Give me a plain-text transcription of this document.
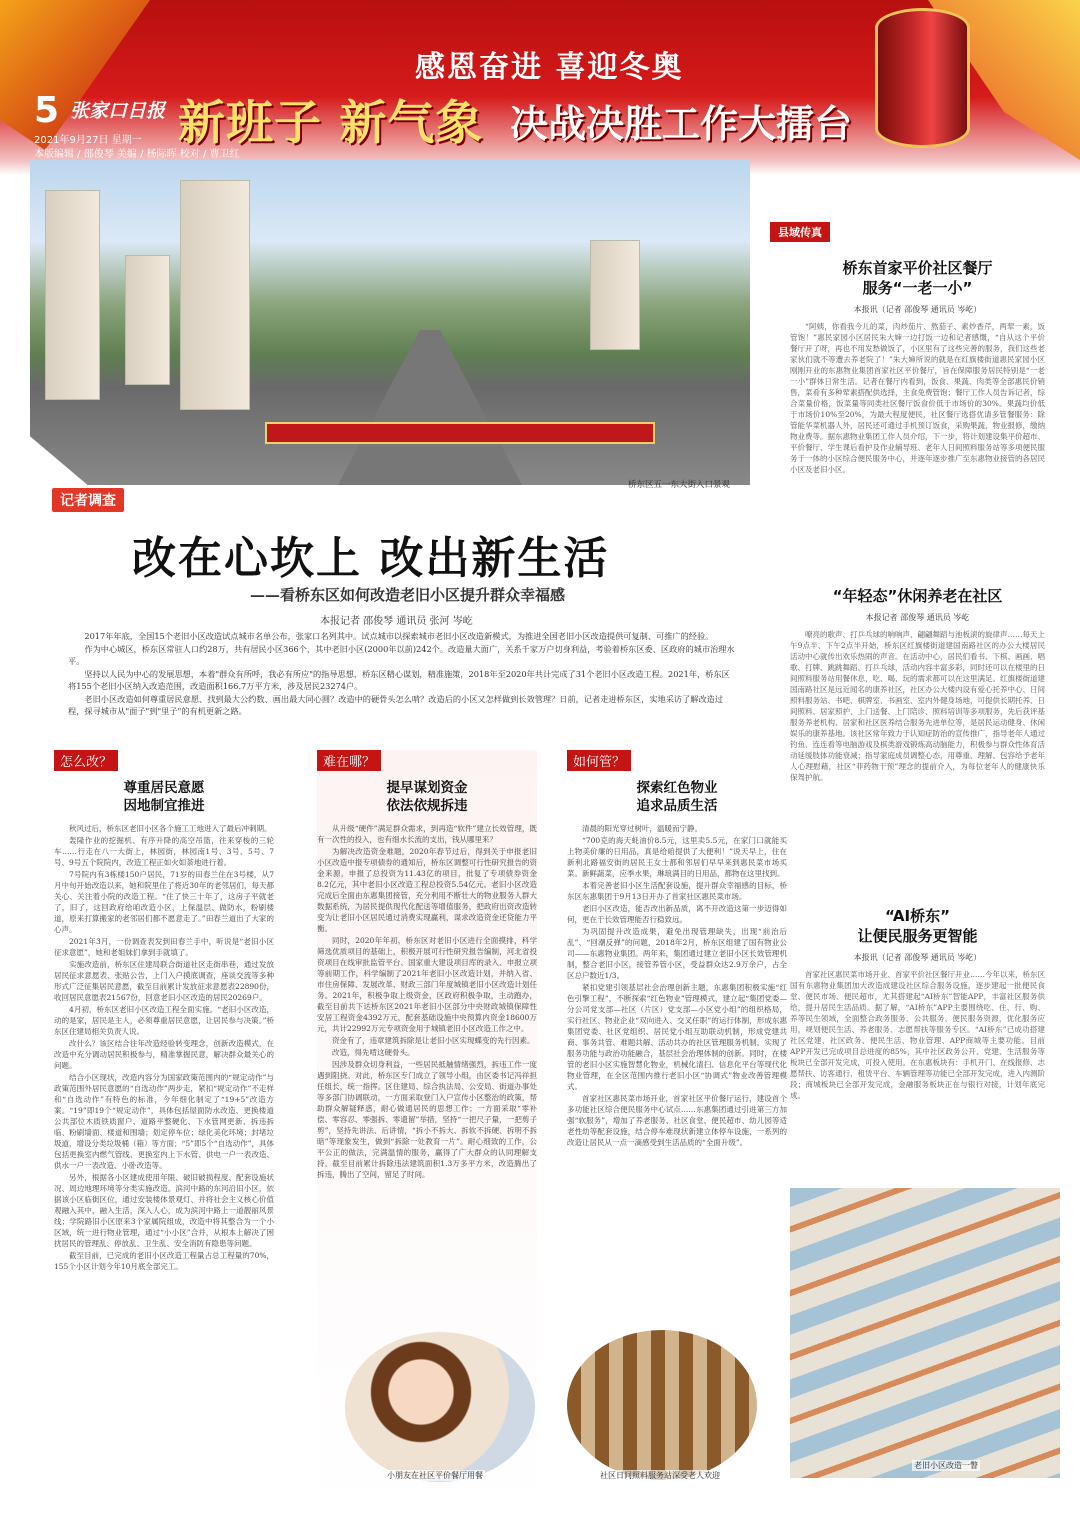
感恩奋进 喜迎冬奥
5 张家口日报 新班子 新气象 决战决胜工作大擂台
2021年9月27日 星期一
本版编辑 / 邵俊琴 美编 / 杨际晖 校对 / 曹卫红
桥东区五一东大街入口景观
县域传真
记者调查
改在心坎上 改出新生活
——看桥东区如何改造老旧小区提升群众幸福感
本报记者 邵俊琴 通讯员 张河 岑屹

2017年年底，全国15个老旧小区改造试点城市名单公布，张家口名列其中。试点城市以探索城市老旧小区改造新模式，为推进全国老旧小区改造提供可复制、可推广的经验。

作为中心城区，桥东区常驻人口约28万，共有居民小区366个，其中老旧小区(2000年以前)242个。改造量大面广，关系千家万户切身利益，考验着桥东区委、区政府的城市治理水平。

坚持以人民为中心的发展思想，本着"群众有所呼，我必有所应"的指导思想，桥东区精心谋划，精准施策，2018年至2020年共计完成了31个老旧小区改造工程。2021年，桥东区将155个老旧小区纳入改造范围，改造面积166.7万平方米，涉及居民23274户。

老旧小区改造如何尊重居民意愿、找到最大公约数、画出最大同心圆？改造中的硬骨头怎么啃？改造后的小区又怎样做到长效管理？日前，记者走进桥东区，实地采访了解改造过程，探寻城市从"面子"到"里子"的有机更新之路。

怎么改？
尊重居民意愿
因地制宜推进

秋风过后，桥东区老旧小区各个施工工地进入了最后冲刺期。

轰隆作业的挖掘机、有序升降的高空吊篮，往来穿梭的三轮车……行走在八一大街上，林园街，林园南1号、3号、5号、7号、9号五个院院内，改造工程正如火如荼地进行着。

7号院内有3栋楼150户居民，71岁的田春兰住在3号楼，从7月中旬开始改造以来，她和院里住了将近30年的老邻居们，每天都关心、关注着小院的改造工程。“住了快三十年了，这房子平就老了，旧了，这回政府给咱改造小区，上保温层、做防水，粉刷楼道，原来打算搬家的老邻居们都不愿意走了。”田春兰道出了大家的心声。

2021年3月，一份调查表发到田春兰手中，听说是“老旧小区征求意愿”，她和老姐妹们拿到手就填了。

实施改造前，桥东区住建局联合街道社区走街串巷，通过发放居民征求意愿表、张贴公告，上门入户摸底调查，座谈交流等多种形式广泛征集居民意愿，截至目前累计发放征求意愿表22890份，收回居民意愿表21567份，回意老旧小区改造的居民20269户。

4月初，桥东区老旧小区改造工程全面实施。“老旧小区改造，动的是家，居民是主人，必须尊重居民意愿，让居民参与决策。”桥东区住建局相关负责人说。

改什么？该区结合往年改造经验转变理念，创新改造模式，在改造中充分调动居民积极参与，精准掌握民意，解决群众最关心的问题。

结合小区现状，改造内容分为国家政策范围内的“规定动作”与政策范围外居民意愿的“自选动作”两步走，紧扣“规定动作”不走样和“自选动作”有特色的标准，今年细化制定了“19+5”改造方案。“19”即19个“规定动作”，具体包括屋面防水改造、更换楼道公共部位木质铁质窗户、道路平整硬化、下水管网更新、拆违拆临、粉刷墙面、楼道和围墙；划定停车位；绿化美化环境；封堵垃圾道，增设分类垃圾桶（箱）等方面；“5”即5个“自选动作”，具体包括更换室内燃气管线、更换室内上下水管、供电一户一表改造、供水一户一表改造、小卧改造等。

另外，根据各小区建成使用年限、破旧破损程度、配套设施状况、周边地理环境等分类实施改造。滨河中路的东河沿旧小区，依据该小区临街区位，通过安装楼体景观灯、并将社会主义核心价值观融入其中，融入生活，深入人心，成为滨河中路上一道靓丽风景线；学院路旧小区原来3个家属院组成，改造中将其整合为一个小区域，统一进行物业管理，通过“小小区”合并，从根本上解决了困扰居民的管理乱、停放乱、卫生乱、安全消防有隐患等问题。

截至目前，已完成的老旧小区改造工程量占总工程量的70%，155个小区计划今年10月底全部完工。

难在哪？
提早谋划资金
依法依规拆违

从升级“硬件”满足群众需求，到再造“软件”建立长效管理，既有一次性的投入，也有细水长流的支出，钱从哪里来？

为解决改造资金难题，2020年春节过后，得到关于申报老旧小区改造中报专项债券的通知后，桥东区调整可行性研究报告的资金来源，申报了总投资为11.43亿的项目，批复了专项债券资金8.2亿元，其中老旧小区改造工程总投资5.54亿元。老旧小区改造完成后全面由东惠集团接管，充分利用不断壮大的物业服务人群大数据系统，为居民提供现代化配送等增值服务，把政府出资改造转变为让老旧小区居民通过消费实现赢利，谋求改造资金还贷能力平衡。

同时，2020年年初，桥东区对老旧小区进行全面摸排，科学筛选优质项目的基础上，积极开展可行性研究报告编制，河北省投资项目在线审批监管平台、国家重大建设项目库的录入、申报立项等前期工作，科学编制了2021年老旧小区改造计划，并纳入省、市住房保障、发展改革、财政三部门年度城镇老旧小区改造计划任务。2021年，积极争取上级资金，区政府积极争取，主动跑办，截至目前共下达桥东区2021年老旧小区部分中央财政城镇保障性安居工程资金4392万元，配套基础设施中央预算内资金18600万元，共计22992万元专项资金用于城镇老旧小区改造工作之中。

资金有了，违章建筑拆除是让老旧小区实现蝶变的先行因素。

改造，得先啃这硬骨头。

因涉及群众切身利益，一些居民抵触情绪强烈，拆违工作一度遇到阻挠。对此，桥东区专门成立了领导小组，由区委书记冯祥担任组长，统一指挥。区住建局、综合执法局、公安局、街道办事处等多部门协调联动，一方面采取登门入户宣传小区整治的政策，帮助群众解疑释惑，耐心做通居民的思想工作；一方面采取“零补偿、零容忍、零强拆、零遗留”举措，坚持“一把尺子量，一把剪子剪”，坚持先讲法、后讲情，“拆小不拆大、拆软不拆硬、拆明不拆暗”等现象发生，做到“拆除一处教育一片”。耐心细致的工作，公平公正的做法，完满温情的服务，赢得了广大群众的认同理解支持。截至目前累计拆除违法建筑面积1.3万多平方米，改造腾出了拆违，腾出了空间，留足了时间。

如何管？
探索红色物业
追求品质生活

清晨的阳光穿过树叶，温暖而宁静。

“700克的海天蚝油价8.5元，这里卖5.5元，在家门口就能买上物美价廉的日用品，真是给咱提供了大便利！”说天早上，住在新利北路福安街的居民王女士都和邻居们早早来到惠民菜市场买菜。新鲜蔬菜，应季水果，琳琅满目的日用品，都物在这里找到。

本着完善老旧小区生活配套设施，提升群众幸福感的目标，桥东区东惠集团于9月13日开办了首家社区惠民菜市场。

老旧小区改造，能否改出新品质，离不开改造这第一步迈得如何，更在于长效管理能否行稳致远。

为巩固提升改造成果，避免出现管理缺失，出现“前治后乱”、“回潮反弹”的问题，2018年2月，桥东区组建了国有物业公司——东惠物业集团。两年来，集团通过建立老旧小区长效管理机制，整合老旧小区，接管养管小区，受益群众达2.9万余户，占全区总户数近1/3。

紧扣党建引领基层社会治理创新主题，东惠集团积极实施“红色引擎工程”，不断探索“红色物业”管理模式，建立起“集团党委—分公司党支部—社区（片区）党支部—小区党小组”的组织格局，实行社区、物业企业“双向进入、交叉任职”的运行体制，形成东惠集团党委、社区党组织、居民党小组互助联动机制，形成党建共商、事务共管、难题共解、活动共办的社区管理服务机制，实现了服务功能与政治功能融合，基层社会治理体制的创新。同时，在楼管的老旧小区实施智慧化物业，机械化清扫、信息化平台等现代化物业管理，在全区范围内推行老旧小区“协调式”物业改善管理模式。

首家社区惠民菜市场开业，首家社区平价餐厅运行，建设首个多功能社区综合便民服务中心试点……东惠集团通过引进第三方加强“软服务”，增加了养老服务、社区食堂、便民超市、幼儿园等适老性幼等配套设施，结合停车难现状新建立体停车设施，一系列的改造让居民从一点一滴感受到生活品质的“全面升级”。

桥东首家平价社区餐厅
服务“一老一小”
本报讯（记者 邵俊琴 通讯员 岑屹）
“阿姨，你看我今儿的菜，肉炒茄片、熬茄子、素炒香芹，两荤一素，饭管饱！”惠民家园小区居民朱大婶一边打饭一边和记者感慨，“自从这个平价餐厅开了呀，再也不用发愁做饭了，小区里有了这些完善的服务，我们这些老家伙们就不等遭去养老院了！”朱大婶所说的就是在红旗楼街道惠民家园小区刚刚开业的东惠物业集团首家社区平价餐厅，旨在保障服务居民特别是“一老一小”群体日常生活。记者在餐厅内看到，饭食、果蔬、肉类等全部惠民价销售，菜肴有多种荤素搭配供选择，主食免费管饱；餐厅工作人员告诉记者，综合菜量价格，饭菜量等同类社区餐厅饭食价低于市场价的30%。果蔬均价低于市场价10%至20%，为最大程度便民，社区餐厅选搭优请多管餐服务：除管能华菜机器人外，居民还可通过手机预订饭食，采购果蔬，物业报修，缴纳物业费等。据东惠物业集团工作人员介绍，下一步，将计划建设集平价超市、平价餐厅、学生课后看护及作业辅导班、老年人日间照料服务站等多项便民服务于一体的小区综合便民服务中心，并逐年逐步推广至东惠物业接管的各居民小区及老旧小区。
“年轻态”休闲养老在社区
本报记者 邵俊琴 通讯员 岑屹
嘹亮的歌声、打乒乓球的响响声、翩翩舞蹈与池板滚的旋律声……每天上午9点半、下午2点半开始，桥东区红旗楼街道建国南路社区的办公大楼居民活动中心就传出欢乐热闹的声音。在活动中心，居民们看书、下棋、画画、唱歌、打牌、跳跳舞蹈、打乒乓球，活动内容丰富多彩，同时还可以在楼里的日间照料服务站用餐休息，吃、喝、玩的需求都可以在这里满足。红旗楼街道建国南路社区是远近闻名的康养社区，社区办公大楼内设有爱心托养中心、日间照料服务站、书吧、棋牌室、书画室、室内外健身场地，可提供长期托养、日间照料、居家照护、上门送餐、上门陪诊、照料培训等多项服务，先后获评基服务养老机构、居家和社区医养结合服务先进单位等，是居民运动健身、休闲娱乐的康养基地。该社区常年致力于认知症防治的宣传推广，指导老年人通过钓鱼、连连看等电脑游戏及棋类游戏锻炼高动脑能力，积极参与群众性体育活动延缓肢体功能衰减；指导家庭成员调整心态，用尊重、理解、包容给予老年人心理慰藉，社区“菲药物干预”理念的提前介入，为每位老年人的健康快乐保驾护航。
“AI桥东”
让便民服务更智能
本报讯（记者 邵俊琴 通讯员 岑屹）
首家社区惠民菜市场开业、首家平价社区餐厅开业……今年以来，桥东区国有东惠物业集团加大改造成建设社区综合服务设施，逐步建起一批便民食堂、便民市场、便民超市，尤其搭建起“AI桥东”智能APP，丰富社区服务供给，提升居民生活品质。据了解，“AI桥东”APP主要围绕吃、住、行、购、养等民生领域，全面整合政务服务、公共服务、便民服务资源，优化服务应用，规划便民生活、养老服务、志愿帮扶等服务专区。“AI桥东”已成功搭建社区党建、社区政务、便民生活、物业管理、APP商城等主要功能。目前APP开发已完成项目总进度的85%，其中社区政务公开、党建、生活服务等板块已全部开发完成，可投入使用。在东惠板块有：手机开门、在线报修、志愿帮扶、访客通行、租赁平台、车辆管理等功能已全部开发完成，进入内测阶段；商城板块已全部开发完成，金融服务板块正在与银行对接，计划年底完成。
小朋友在社区平价餐厅用餐	社区日间照料服务站深受老人欢迎
老旧小区改造一瞥
